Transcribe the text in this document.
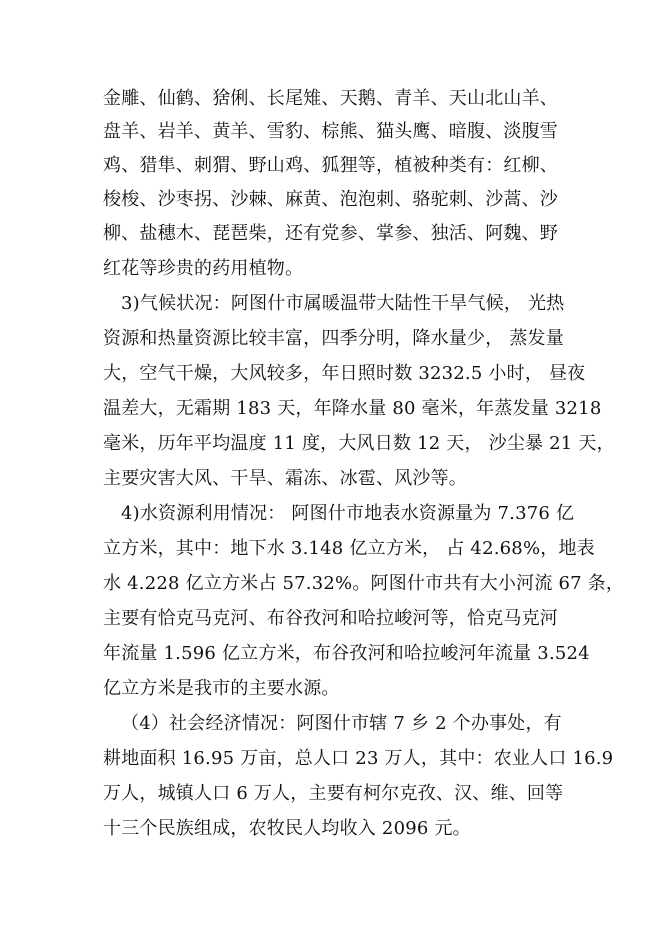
金雕、仙鹤、猞俐、长尾雉、天鹅、青羊、天山北山羊、
盘羊、岩羊、黄羊、雪豹、棕熊、猫头鹰、暗腹、淡腹雪
鸡、猎隼、刺猬、野山鸡、狐狸等，植被种类有：红柳、
梭梭、沙枣拐、沙棘、麻黄、泡泡刺、骆驼刺、沙蒿、沙
柳、盐穗木、琵琶柴，还有党参、掌参、独活、阿魏、野
红花等珍贵的药用植物。
3)气候状况：阿图什市属暖温带大陆性干旱气候， 光热
资源和热量资源比较丰富，四季分明，降水量少， 蒸发量
大，空气干燥，大风较多，年日照时数 3232.5 小时， 昼夜
温差大，无霜期 183 天，年降水量 80 毫米，年蒸发量 3218
毫米，历年平均温度 11 度，大风日数 12 天， 沙尘暴 21 天，
主要灾害大风、干旱、霜冻、冰雹、风沙等。
4)水资源利用情况： 阿图什市地表水资源量为 7.376 亿
立方米，其中：地下水 3.148 亿立方米， 占 42.68%，地表
水 4.228 亿立方米占 57.32%。阿图什市共有大小河流 67 条，
主要有恰克马克河、布谷孜河和哈拉峻河等，恰克马克河
年流量 1.596 亿立方米，布谷孜河和哈拉峻河年流量 3.524
亿立方米是我市的主要水源。
（4）社会经济情况：阿图什市辖 7 乡 2 个办事处，有
耕地面积 16.95 万亩，总人口 23 万人，其中：农业人口 16.9
万人，城镇人口 6 万人，主要有柯尔克孜、汉、维、回等
十三个民族组成，农牧民人均收入 2096 元。
